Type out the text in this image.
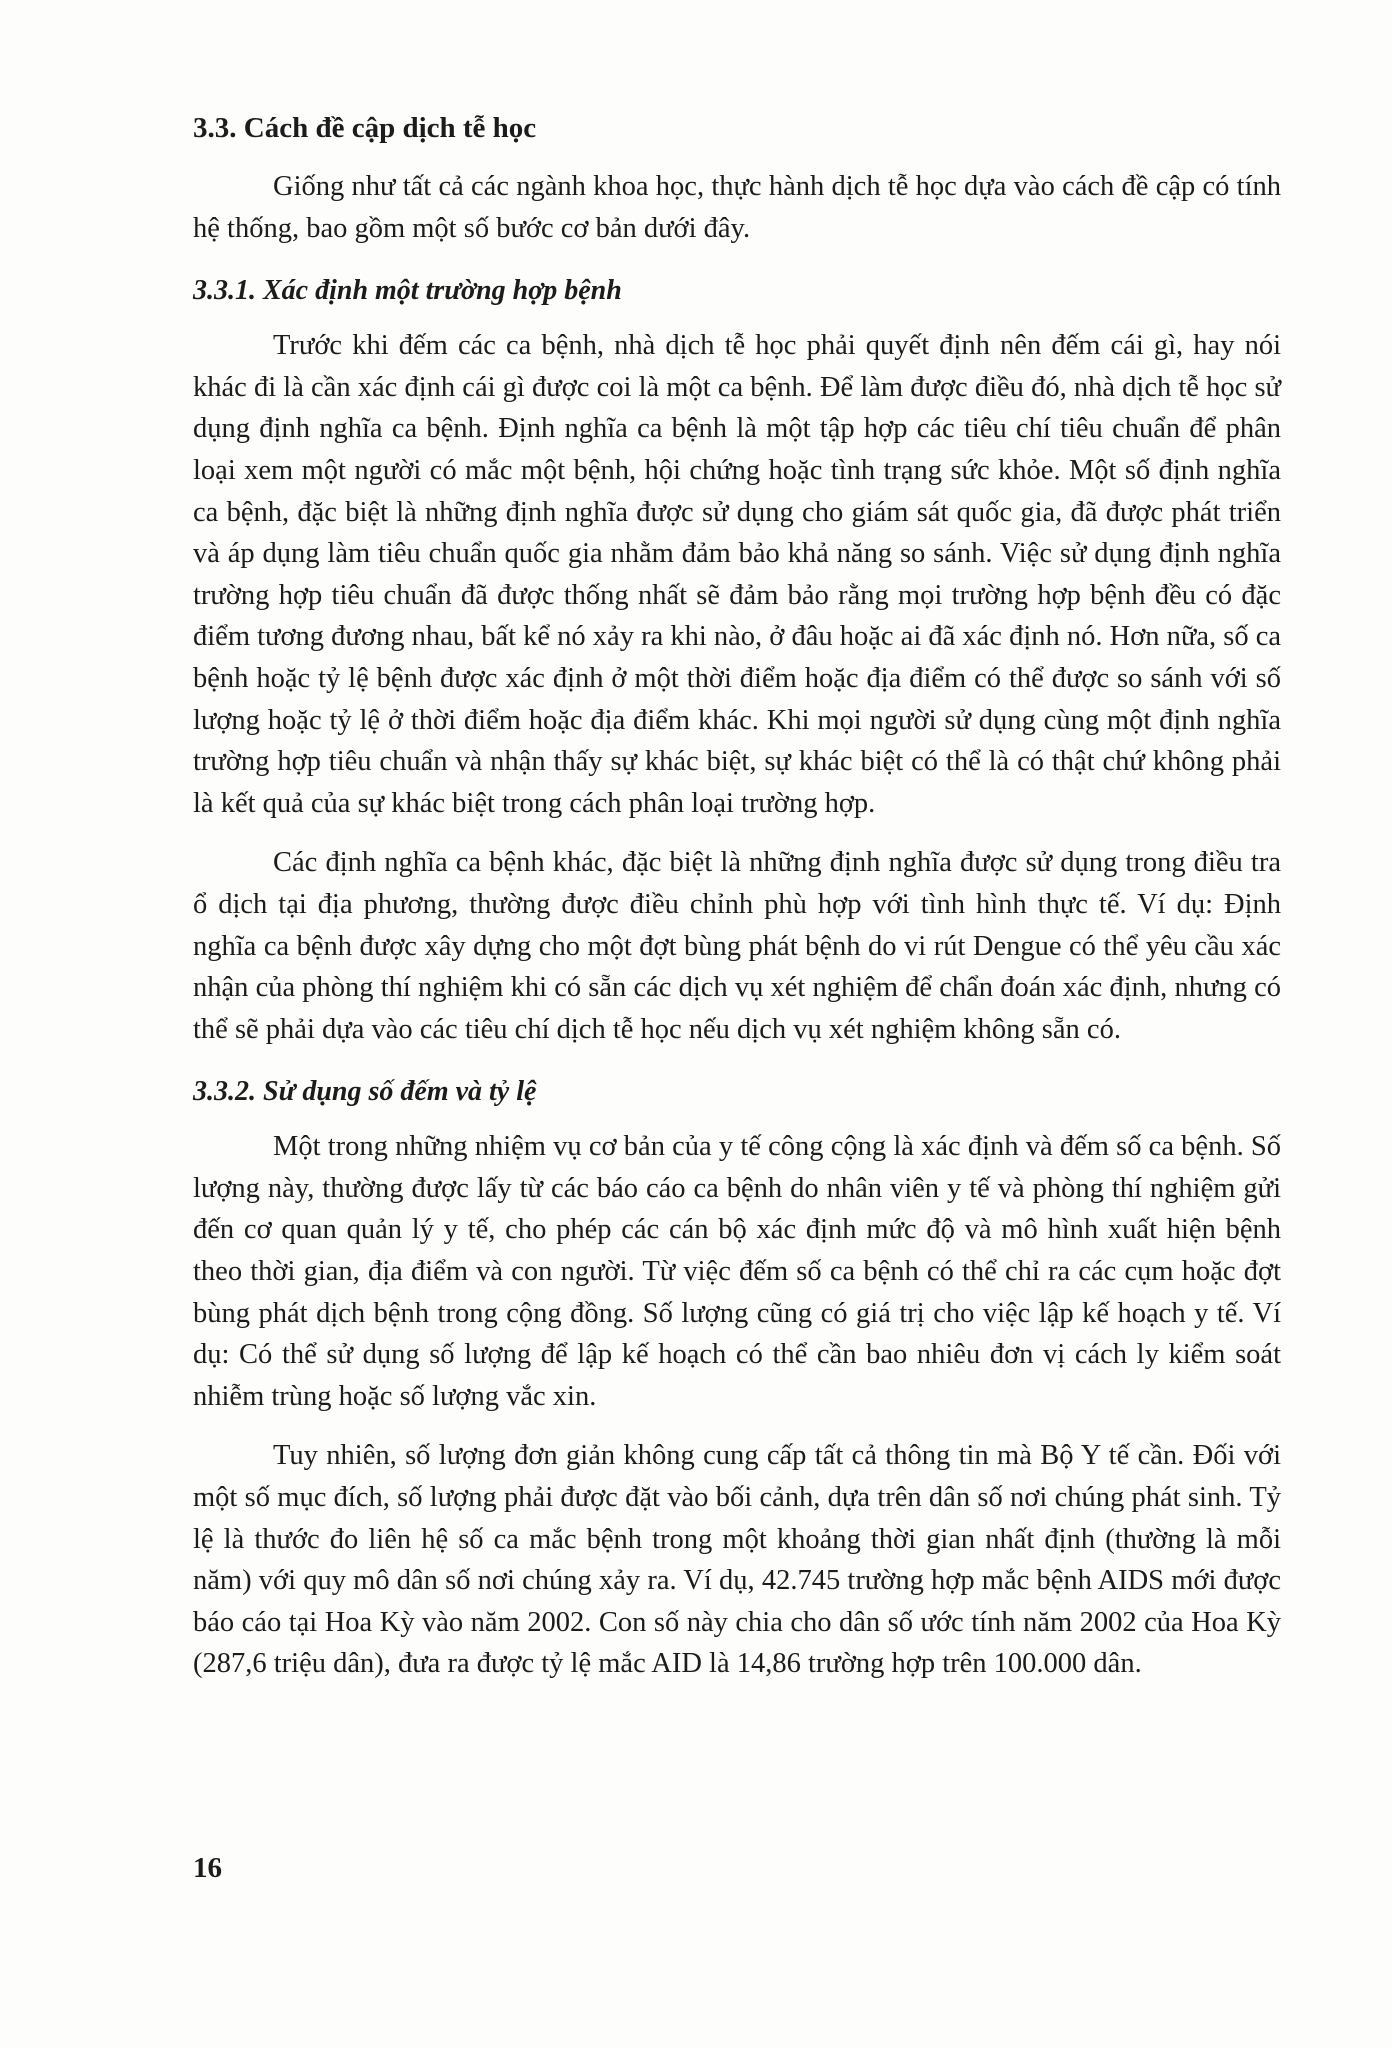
3.3. Cách đề cập dịch tễ học

Giống như tất cả các ngành khoa học, thực hành dịch tễ học dựa vào cách đề cập có tính hệ thống, bao gồm một số bước cơ bản dưới đây.

3.3.1. Xác định một trường hợp bệnh

Trước khi đếm các ca bệnh, nhà dịch tễ học phải quyết định nên đếm cái gì, hay nói khác đi là cần xác định cái gì được coi là một ca bệnh. Để làm được điều đó, nhà dịch tễ học sử dụng định nghĩa ca bệnh. Định nghĩa ca bệnh là một tập hợp các tiêu chí tiêu chuẩn để phân loại xem một người có mắc một bệnh, hội chứng hoặc tình trạng sức khỏe. Một số định nghĩa ca bệnh, đặc biệt là những định nghĩa được sử dụng cho giám sát quốc gia, đã được phát triển và áp dụng làm tiêu chuẩn quốc gia nhằm đảm bảo khả năng so sánh. Việc sử dụng định nghĩa trường hợp tiêu chuẩn đã được thống nhất sẽ đảm bảo rằng mọi trường hợp bệnh đều có đặc điểm tương đương nhau, bất kể nó xảy ra khi nào, ở đâu hoặc ai đã xác định nó. Hơn nữa, số ca bệnh hoặc tỷ lệ bệnh được xác định ở một thời điểm hoặc địa điểm có thể được so sánh với số lượng hoặc tỷ lệ ở thời điểm hoặc địa điểm khác. Khi mọi người sử dụng cùng một định nghĩa trường hợp tiêu chuẩn và nhận thấy sự khác biệt, sự khác biệt có thể là có thật chứ không phải là kết quả của sự khác biệt trong cách phân loại trường hợp.

Các định nghĩa ca bệnh khác, đặc biệt là những định nghĩa được sử dụng trong điều tra ổ dịch tại địa phương, thường được điều chỉnh phù hợp với tình hình thực tế. Ví dụ: Định nghĩa ca bệnh được xây dựng cho một đợt bùng phát bệnh do vi rút Dengue có thể yêu cầu xác nhận của phòng thí nghiệm khi có sẵn các dịch vụ xét nghiệm để chẩn đoán xác định, nhưng có thể sẽ phải dựa vào các tiêu chí dịch tễ học nếu dịch vụ xét nghiệm không sẵn có.

3.3.2. Sử dụng số đếm và tỷ lệ

Một trong những nhiệm vụ cơ bản của y tế công cộng là xác định và đếm số ca bệnh. Số lượng này, thường được lấy từ các báo cáo ca bệnh do nhân viên y tế và phòng thí nghiệm gửi đến cơ quan quản lý y tế, cho phép các cán bộ xác định mức độ và mô hình xuất hiện bệnh theo thời gian, địa điểm và con người. Từ việc đếm số ca bệnh có thể chỉ ra các cụm hoặc đợt bùng phát dịch bệnh trong cộng đồng. Số lượng cũng có giá trị cho việc lập kế hoạch y tế. Ví dụ: Có thể sử dụng số lượng để lập kế hoạch có thể cần bao nhiêu đơn vị cách ly kiểm soát nhiễm trùng hoặc số lượng vắc xin.

Tuy nhiên, số lượng đơn giản không cung cấp tất cả thông tin mà Bộ Y tế cần. Đối với một số mục đích, số lượng phải được đặt vào bối cảnh, dựa trên dân số nơi chúng phát sinh. Tỷ lệ là thước đo liên hệ số ca mắc bệnh trong một khoảng thời gian nhất định (thường là mỗi năm) với quy mô dân số nơi chúng xảy ra. Ví dụ, 42.745 trường hợp mắc bệnh AIDS mới được báo cáo tại Hoa Kỳ vào năm 2002. Con số này chia cho dân số ước tính năm 2002 của Hoa Kỳ (287,6 triệu dân), đưa ra được tỷ lệ mắc AID là 14,86 trường hợp trên 100.000 dân.

16
